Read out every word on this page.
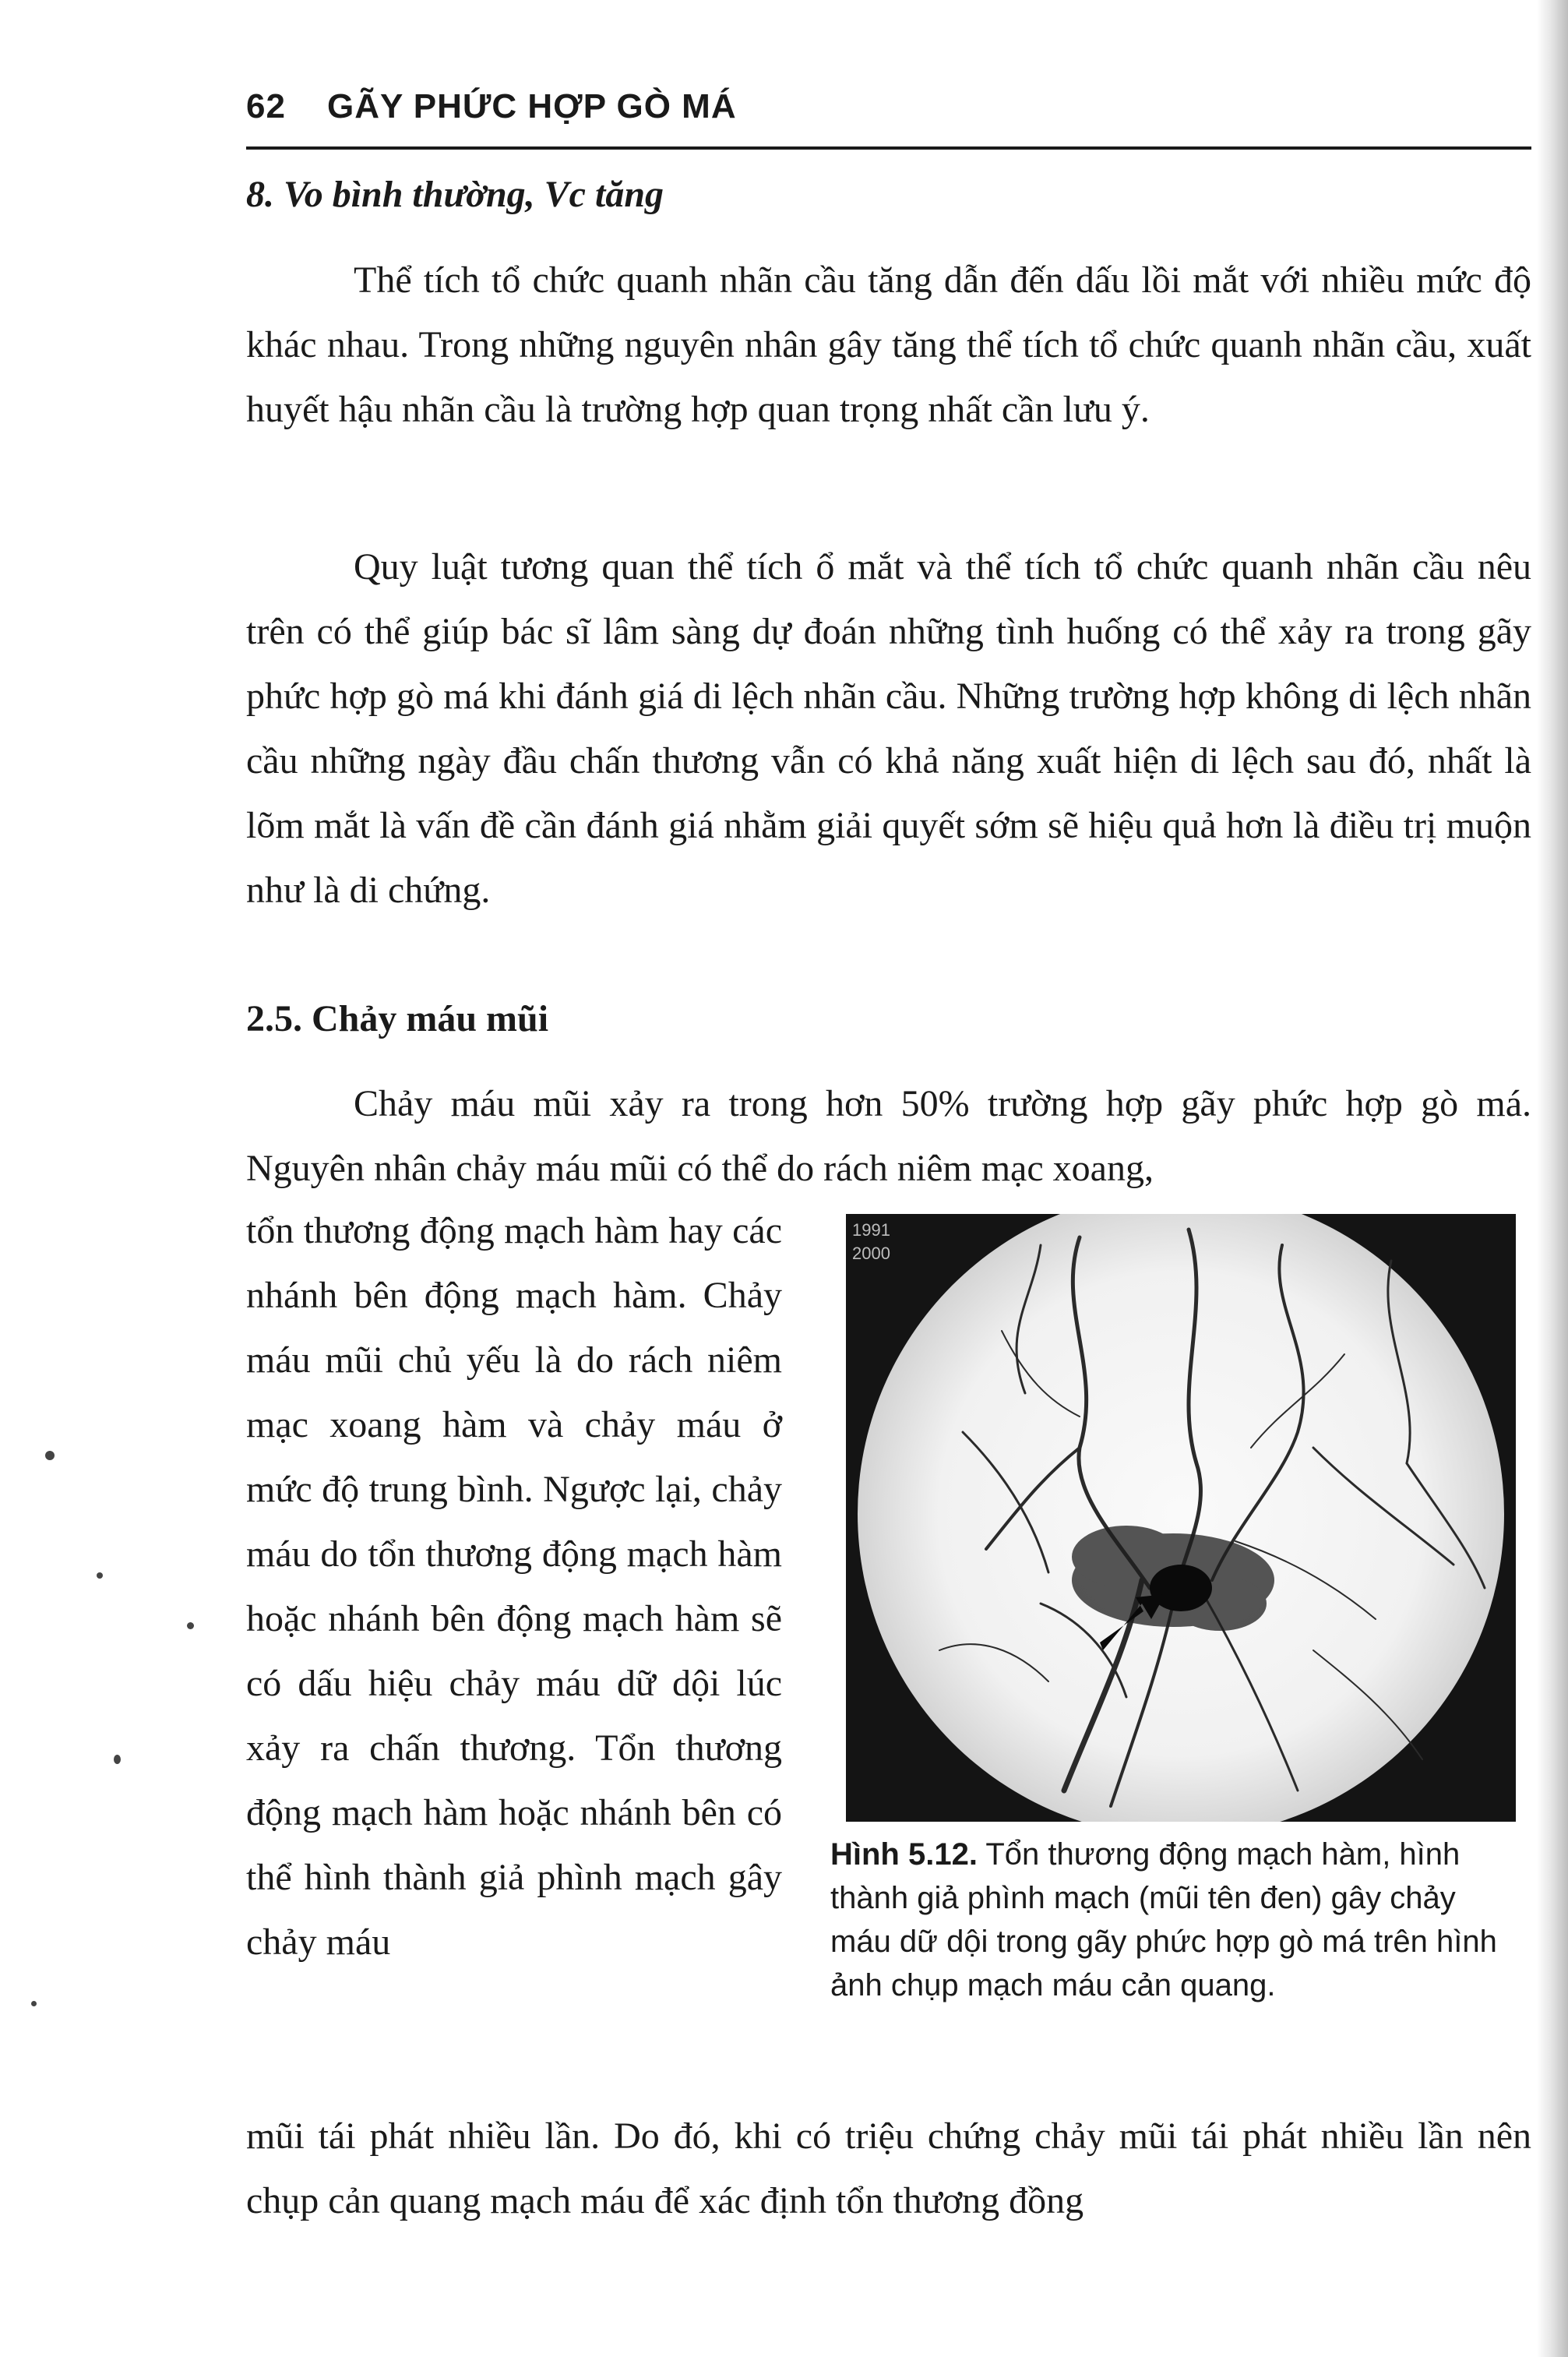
62 GÃY PHỨC HỢP GÒ MÁ
8. Vo bình thường, Vc tăng

Thể tích tổ chức quanh nhãn cầu tăng dẫn đến dấu lồi mắt với nhiều mức độ khác nhau. Trong những nguyên nhân gây tăng thể tích tổ chức quanh nhãn cầu, xuất huyết hậu nhãn cầu là trường hợp quan trọng nhất cần lưu ý.

Quy luật tương quan thể tích ổ mắt và thể tích tổ chức quanh nhãn cầu nêu trên có thể giúp bác sĩ lâm sàng dự đoán những tình huống có thể xảy ra trong gãy phức hợp gò má khi đánh giá di lệch nhãn cầu. Những trường hợp không di lệch nhãn cầu những ngày đầu chấn thương vẫn có khả năng xuất hiện di lệch sau đó, nhất là lõm mắt là vấn đề cần đánh giá nhằm giải quyết sớm sẽ hiệu quả hơn là điều trị muộn như là di chứng.

2.5. Chảy máu mũi

Chảy máu mũi xảy ra trong hơn 50% trường hợp gãy phức hợp gò má. Nguyên nhân chảy máu mũi có thể do rách niêm mạc xoang,

tổn thương động mạch hàm hay các nhánh bên động mạch hàm. Chảy máu mũi chủ yếu là do rách niêm mạc xoang hàm và chảy máu ở mức độ trung bình. Ngược lại, chảy máu do tổn thương động mạch hàm hoặc nhánh bên động mạch hàm sẽ có dấu hiệu chảy máu dữ dội lúc xảy ra chấn thương. Tổn thương động mạch hàm hoặc nhánh bên có thể hình thành giả phình mạch gây chảy máu

1991
2000
Hình 5.12. Tổn thương động mạch hàm, hình thành giả phình mạch (mũi tên đen) gây chảy máu dữ dội trong gãy phức hợp gò má trên hình ảnh chụp mạch máu cản quang.

mũi tái phát nhiều lần. Do đó, khi có triệu chứng chảy mũi tái phát nhiều lần nên chụp cản quang mạch máu để xác định tổn thương đồng
